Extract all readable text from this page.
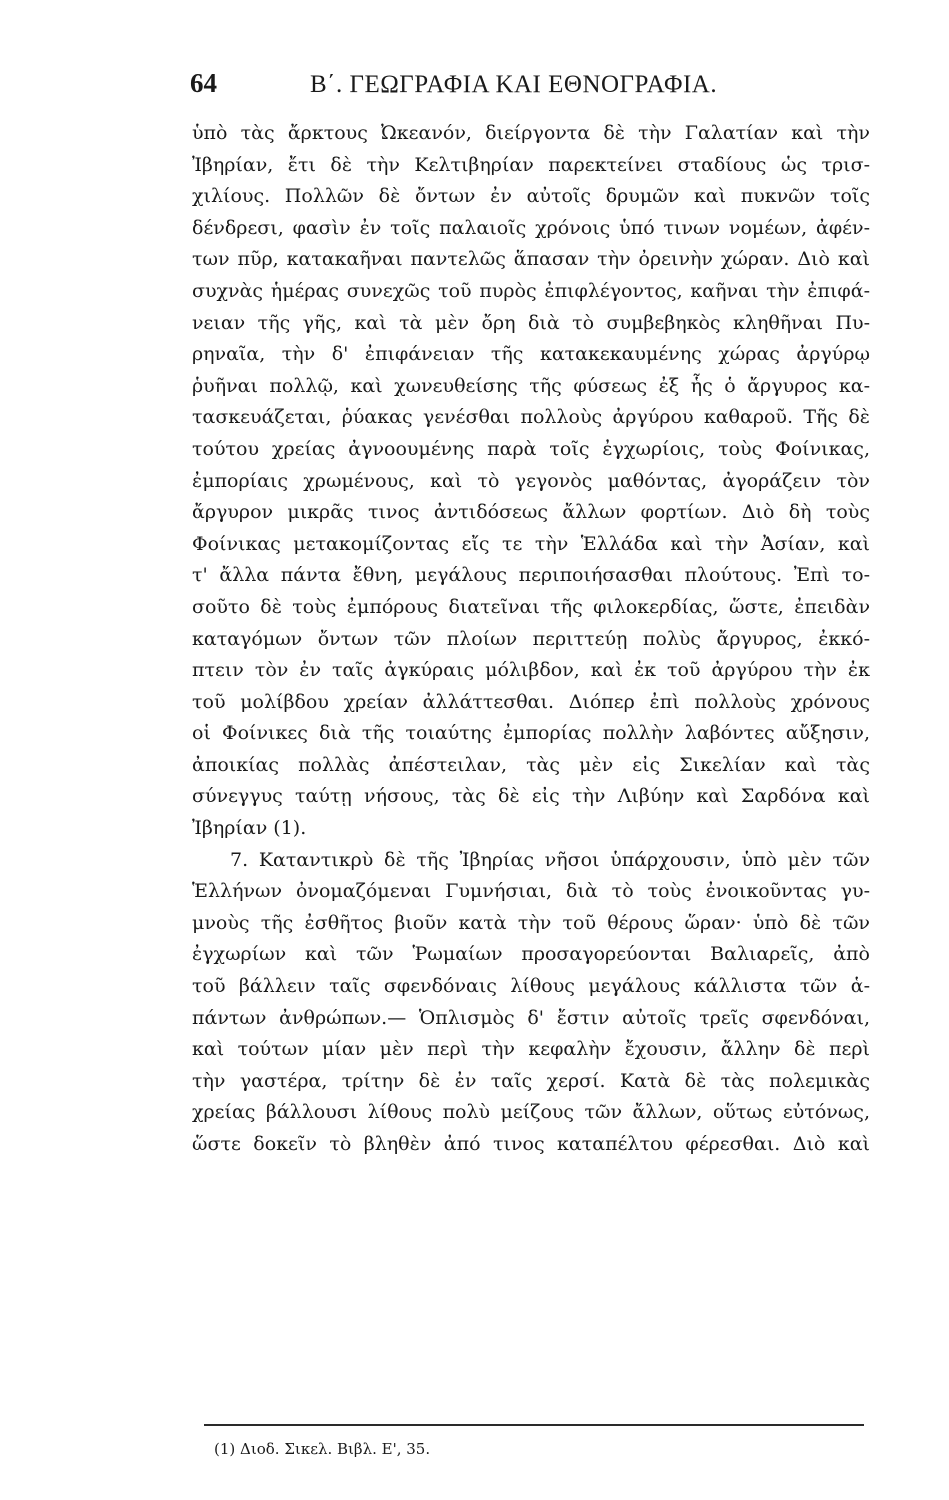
64	Β΄. ΓΕΩΓΡΑΦΙΑ ΚΑΙ ΕΘΝΟΓΡΑΦΙΑ.
ὑπὸ τὰς ἄρκτους Ὠκεανόν, διείργοντα δὲ τὴν Γαλατίαν καὶ τὴν
Ἰβηρίαν, ἔτι δὲ τὴν Κελτιβηρίαν παρεκτείνει σταδίους ὡς τρισ-
χιλίους. Πολλῶν δὲ ὄντων ἐν αὐτοῖς δρυμῶν καὶ πυκνῶν τοῖς
δένδρεσι, φασὶν ἐν τοῖς παλαιοῖς χρόνοις ὑπό τινων νομέων, ἀφέν-
των πῦρ, κατακαῆναι παντελῶς ἅπασαν τὴν ὀρεινὴν χώραν. Διὸ καὶ
συχνὰς ἡμέρας συνεχῶς τοῦ πυρὸς ἐπιφλέγοντος, καῆναι τὴν ἐπιφά-
νειαν τῆς γῆς, καὶ τὰ μὲν ὄρη διὰ τὸ συμβεβηκὸς κληθῆναι Πυ-
ρηναῖα, τὴν δ' ἐπιφάνειαν τῆς κατακεκαυμένης χώρας ἀργύρῳ
ῥυῆναι πολλῷ, καὶ χωνευθείσης τῆς φύσεως ἐξ ἧς ὁ ἄργυρος κα-
τασκευάζεται, ῥύακας γενέσθαι πολλοὺς ἀργύρου καθαροῦ. Τῆς δὲ
τούτου χρείας ἀγνοουμένης παρὰ τοῖς ἐγχωρίοις, τοὺς Φοίνικας,
ἐμπορίαις χρωμένους, καὶ τὸ γεγονὸς μαθόντας, ἀγοράζειν τὸν
ἄργυρον μικρᾶς τινος ἀντιδόσεως ἄλλων φορτίων. Διὸ δὴ τοὺς
Φοίνικας μετακομίζοντας εἴς τε τὴν Ἑλλάδα καὶ τὴν Ἀσίαν, καὶ
τ' ἄλλα πάντα ἔθνη, μεγάλους περιποιήσασθαι πλούτους. Ἐπὶ το-
σοῦτο δὲ τοὺς ἐμπόρους διατεῖναι τῆς φιλοκερδίας, ὥστε, ἐπειδὰν
καταγόμων ὄντων τῶν πλοίων περιττεύῃ πολὺς ἄργυρος, ἐκκό-
πτειν τὸν ἐν ταῖς ἀγκύραις μόλιβδον, καὶ ἐκ τοῦ ἀργύρου τὴν ἐκ
τοῦ μολίβδου χρείαν ἀλλάττεσθαι. Διόπερ ἐπὶ πολλοὺς χρόνους
οἱ Φοίνικες διὰ τῆς τοιαύτης ἐμπορίας πολλὴν λαβόντες αὔξησιν,
ἀποικίας πολλὰς ἀπέστειλαν, τὰς μὲν εἰς Σικελίαν καὶ τὰς
σύνεγγυς ταύτῃ νήσους, τὰς δὲ εἰς τὴν Λιβύην καὶ Σαρδόνα καὶ
Ἰβηρίαν (1).
7. Καταντικρὺ δὲ τῆς Ἰβηρίας νῆσοι ὑπάρχουσιν, ὑπὸ μὲν τῶν
Ἑλλήνων ὀνομαζόμεναι Γυμνήσιαι, διὰ τὸ τοὺς ἐνοικοῦντας γυ-
μνοὺς τῆς ἐσθῆτος βιοῦν κατὰ τὴν τοῦ θέρους ὥραν· ὑπὸ δὲ τῶν
ἐγχωρίων καὶ τῶν Ῥωμαίων προσαγορεύονται Βαλιαρεῖς, ἀπὸ
τοῦ βάλλειν ταῖς σφενδόναις λίθους μεγάλους κάλλιστα τῶν ἁ-
πάντων ἀνθρώπων.— Ὁπλισμὸς δ' ἔστιν αὐτοῖς τρεῖς σφενδόναι,
καὶ τούτων μίαν μὲν περὶ τὴν κεφαλὴν ἔχουσιν, ἄλλην δὲ περὶ
τὴν γαστέρα, τρίτην δὲ ἐν ταῖς χερσί. Κατὰ δὲ τὰς πολεμικὰς
χρείας βάλλουσι λίθους πολὺ μείζους τῶν ἄλλων, οὕτως εὐτόνως,
ὥστε δοκεῖν τὸ βληθὲν ἀπό τινος καταπέλτου φέρεσθαι. Διὸ καὶ
(1) Διοδ. Σικελ. Βιβλ. Ε', 35.
